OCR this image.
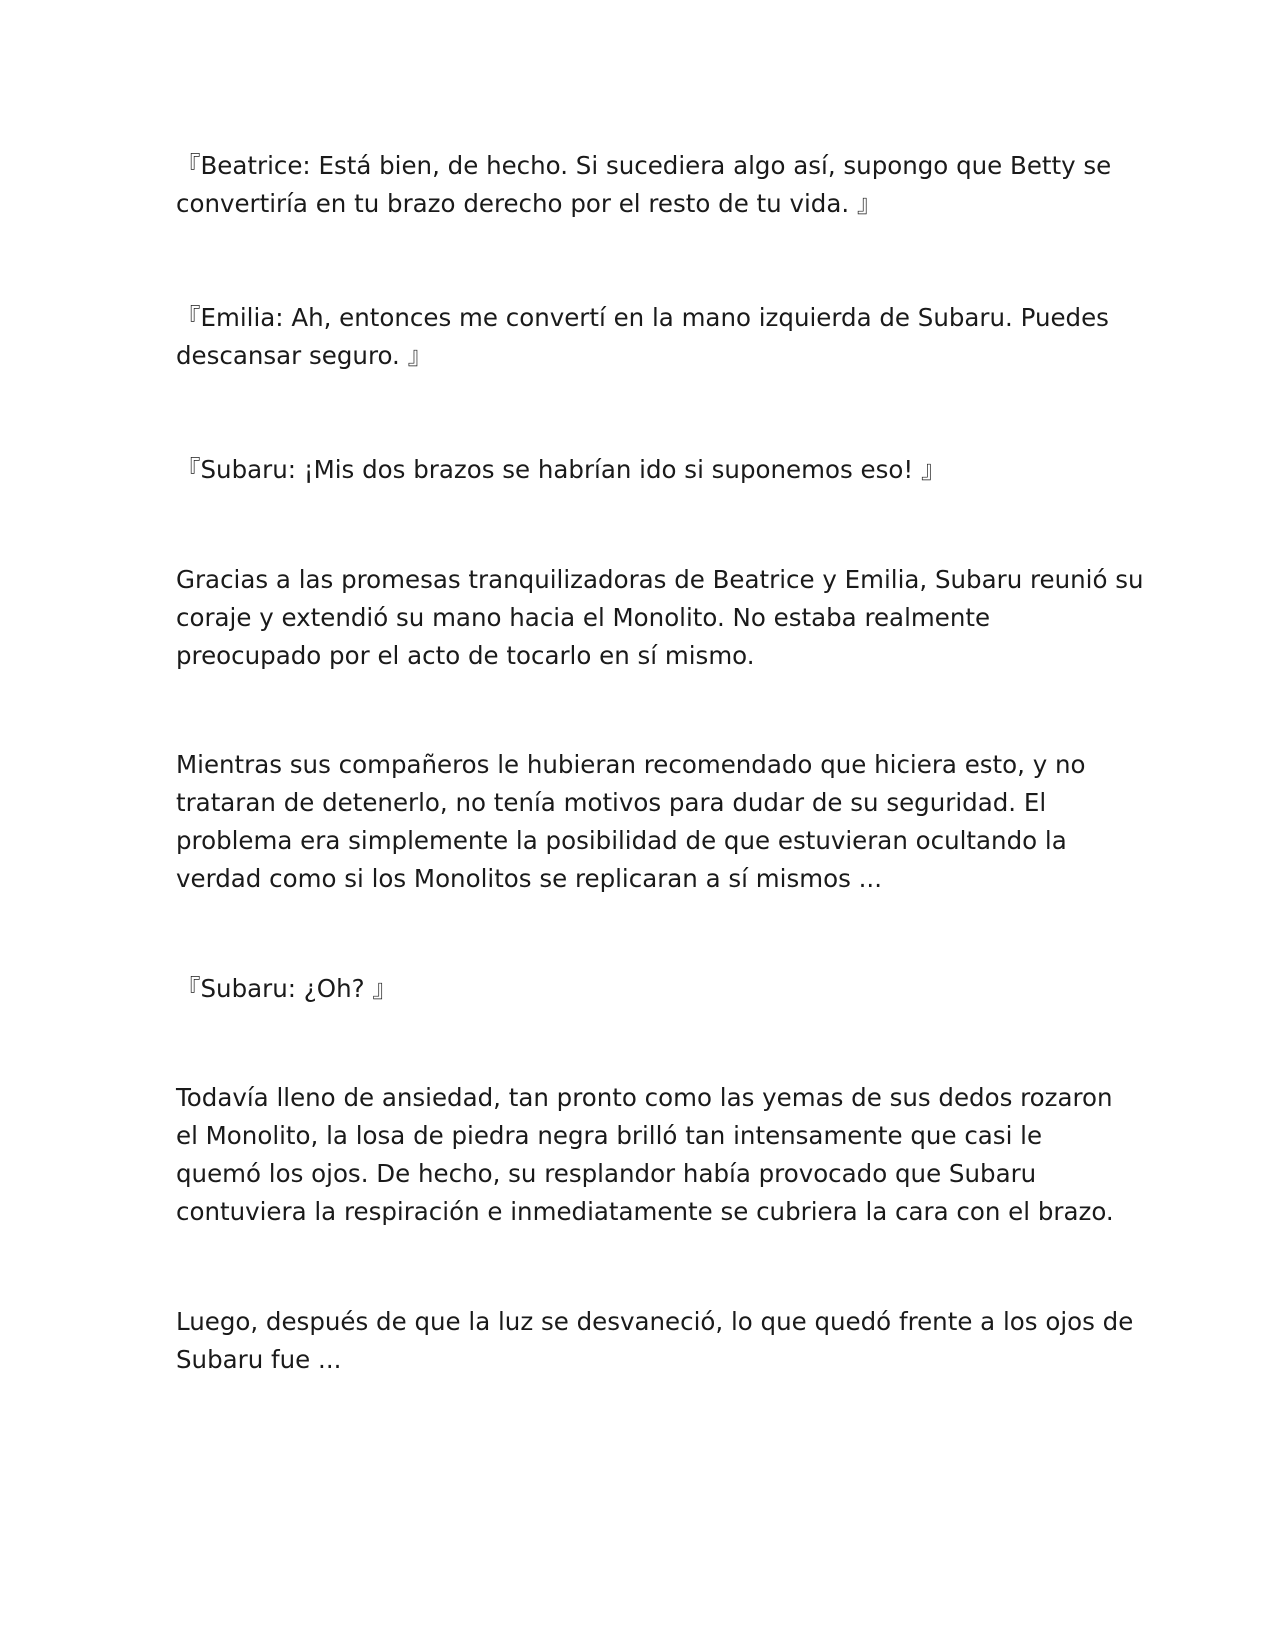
『Beatrice: Está bien, de hecho. Si sucediera algo así, supongo que Betty se
convertiría en tu brazo derecho por el resto de tu vida. 』

『Emilia: Ah, entonces me convertí en la mano izquierda de Subaru. Puedes
descansar seguro. 』

『Subaru: ¡Mis dos brazos se habrían ido si suponemos eso! 』

Gracias a las promesas tranquilizadoras de Beatrice y Emilia, Subaru reunió su
coraje y extendió su mano hacia el Monolito. No estaba realmente
preocupado por el acto de tocarlo en sí mismo.

Mientras sus compañeros le hubieran recomendado que hiciera esto, y no
trataran de detenerlo, no tenía motivos para dudar de su seguridad. El
problema era simplemente la posibilidad de que estuvieran ocultando la
verdad como si los Monolitos se replicaran a sí mismos ...

『Subaru: ¿Oh? 』

Todavía lleno de ansiedad, tan pronto como las yemas de sus dedos rozaron
el Monolito, la losa de piedra negra brilló tan intensamente que casi le
quemó los ojos. De hecho, su resplandor había provocado que Subaru
contuviera la respiración e inmediatamente se cubriera la cara con el brazo.

Luego, después de que la luz se desvaneció, lo que quedó frente a los ojos de
Subaru fue ...
